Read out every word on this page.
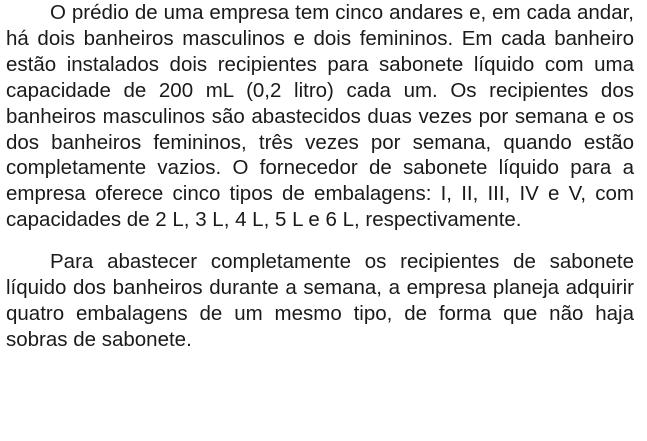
O prédio de uma empresa tem cinco andares e, em cada andar, há dois banheiros masculinos e dois femininos. Em cada banheiro estão instalados dois recipientes para sabonete líquido com uma capacidade de 200 mL (0,2 litro) cada um. Os recipientes dos banheiros masculinos são abastecidos duas vezes por semana e os dos banheiros femininos, três vezes por semana, quando estão completamente vazios. O fornecedor de sabonete líquido para a empresa oferece cinco tipos de embalagens: I, II, III, IV e V, com capacidades de 2 L, 3 L, 4 L, 5 L e 6 L, respectivamente.

Para abastecer completamente os recipientes de sabonete líquido dos banheiros durante a semana, a empresa planeja adquirir quatro embalagens de um mesmo tipo, de forma que não haja sobras de sabonete.
